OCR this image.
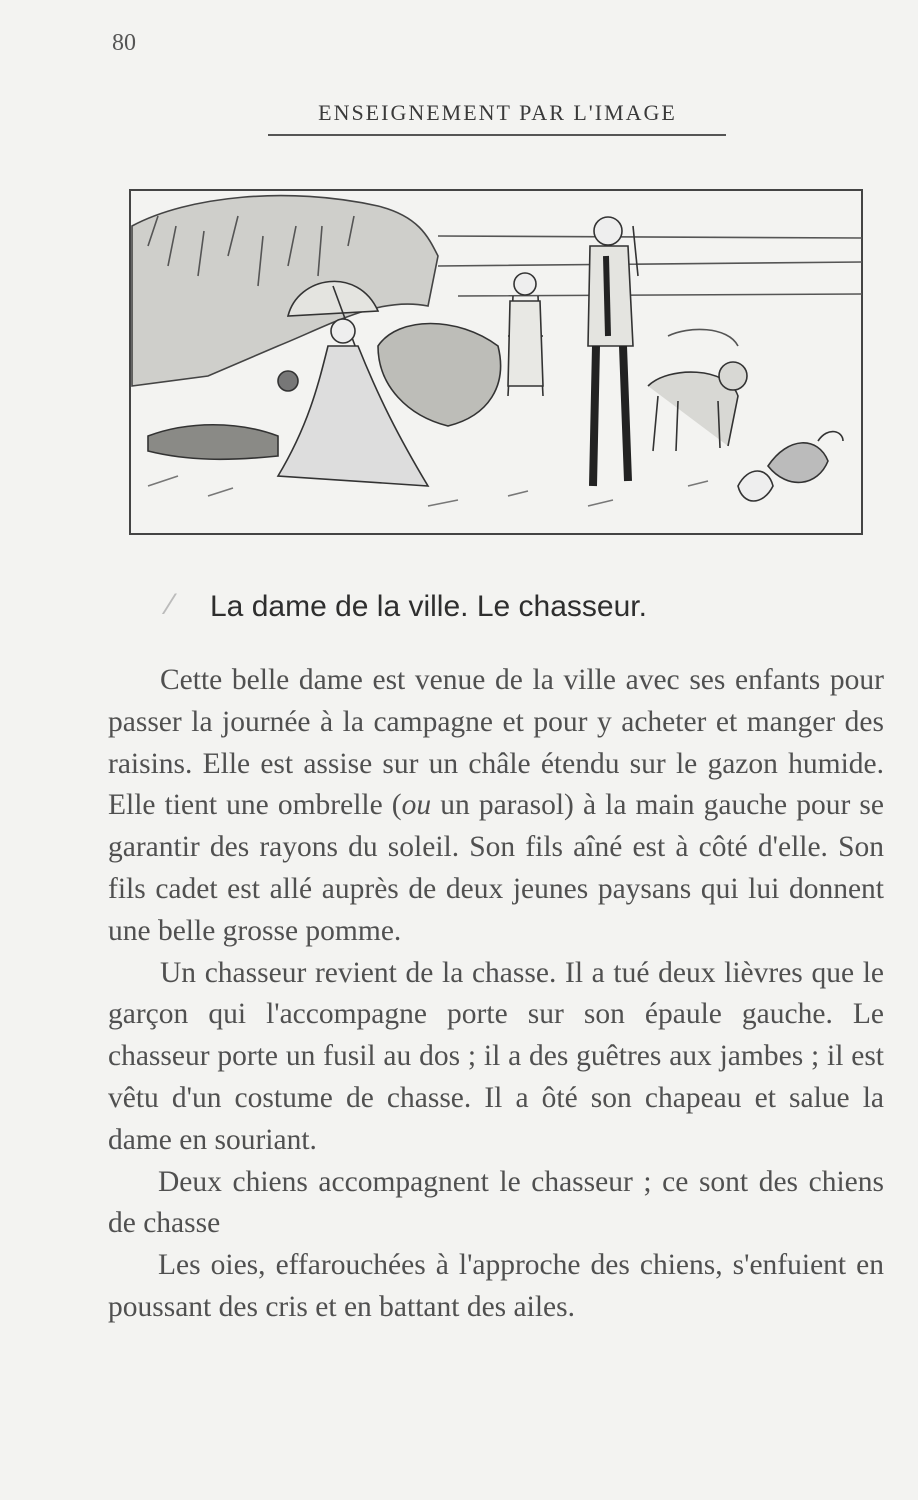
80
ENSEIGNEMENT PAR L'IMAGE
⁄ La dame de la ville. Le chasseur.

Cette belle dame est venue de la ville avec ses enfants pour passer la journée à la campagne et pour y acheter et manger des raisins. Elle est assise sur un châle étendu sur le gazon humide. Elle tient une ombrelle (ou un parasol) à la main gauche pour se garantir des rayons du soleil. Son fils aîné est à côté d'elle. Son fils cadet est allé auprès de deux jeunes paysans qui lui donnent une belle grosse pomme.

Un chasseur revient de la chasse. Il a tué deux lièvres que le garçon qui l'accompagne porte sur son épaule gauche. Le chasseur porte un fusil au dos ; il a des guêtres aux jambes ; il est vêtu d'un costume de chasse. Il a ôté son chapeau et salue la dame en souriant.

Deux chiens accompagnent le chasseur ; ce sont des chiens de chasse

Les oies, effarouchées à l'approche des chiens, s'enfuient en poussant des cris et en battant des ailes.
